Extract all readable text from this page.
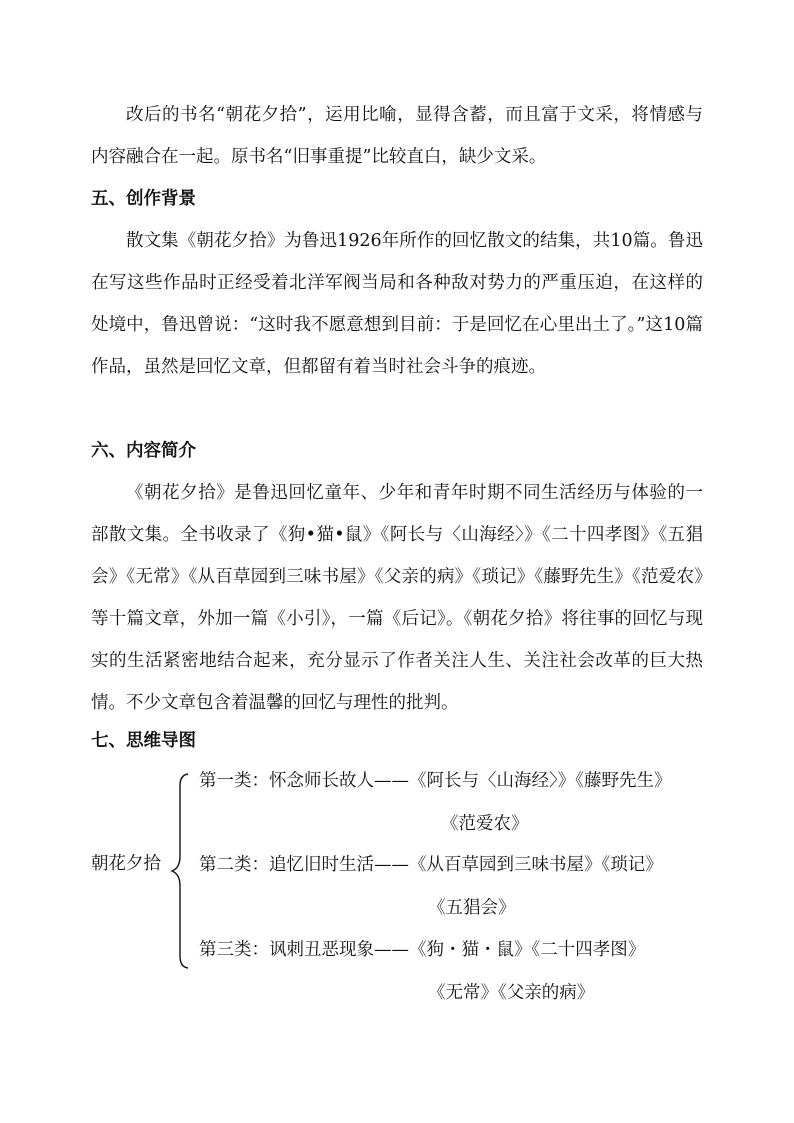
改后的书名“朝花夕拾”，运用比喻，显得含蓄，而且富于文采，将情感与内容融合在一起。原书名“旧事重提”比较直白，缺少文采。

五、创作背景

散文集《朝花夕拾》为鲁迅1926年所作的回忆散文的结集，共10篇。鲁迅在写这些作品时正经受着北洋军阀当局和各种敌对势力的严重压迫，在这样的处境中，鲁迅曾说：“这时我不愿意想到目前：于是回忆在心里出土了。”这10篇作品，虽然是回忆文章，但都留有着当时社会斗争的痕迹。

六、内容简介

《朝花夕拾》是鲁迅回忆童年、少年和青年时期不同生活经历与体验的一部散文集。全书收录了《狗•猫•鼠》《阿长与〈山海经〉》《二十四孝图》《五猖会》《无常》《从百草园到三味书屋》《父亲的病》《琐记》《藤野先生》《范爱农》等十篇文章，外加一篇《小引》，一篇《后记》。《朝花夕拾》将往事的回忆与现实的生活紧密地结合起来，充分显示了作者关注人生、关注社会改革的巨大热情。不少文章包含着温馨的回忆与理性的批判。

七、思维导图
朝花夕拾
第一类：怀念师长故人——《阿长与〈山海经〉》《藤野先生》
《范爱农》
第二类：追忆旧时生活——《从百草园到三味书屋》《琐记》
《五猖会》
第三类：讽刺丑恶现象——《狗・猫・鼠》《二十四孝图》
《无常》《父亲的病》
